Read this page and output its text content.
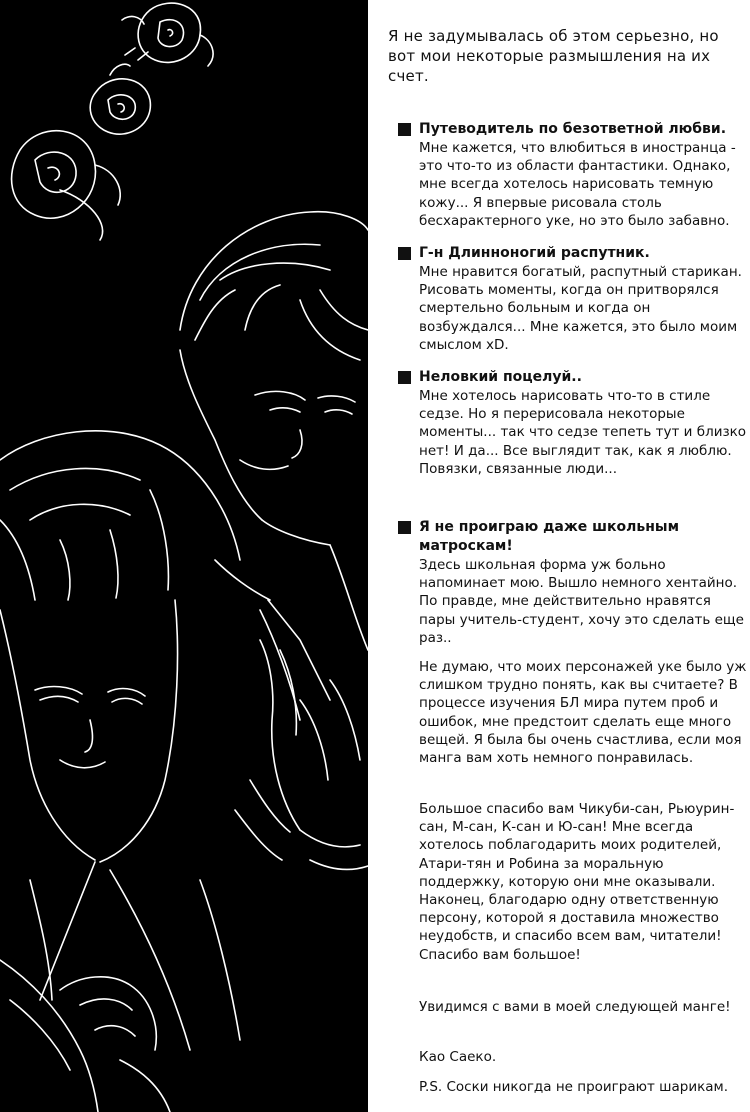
Я не задумывалась об этом серьезно, но вот мои некоторые размышления на их счет.

Путеводитель по безответной любви.

Мне кажется, что влюбиться в иностранца - это что-то из области фантастики. Однако, мне всегда хотелось нарисовать темную кожу... Я впервые рисовала столь бесхарактерного уке, но это было забавно.

Г-н Длинноногий распутник.

Мне нравится богатый, распутный старикан. Рисовать моменты, когда он притворялся смертельно больным и когда он возбуждался... Мне кажется, это было моим смыслом xD.

Неловкий поцелуй..

Мне хотелось нарисовать что-то в стиле седзе. Но я перерисовала некоторые моменты... так что седзе тепеть тут и близко нет! И да... Все выглядит так, как я люблю. Повязки, связанные люди...

Я не проиграю даже школьным матроскам!

Здесь школьная форма уж больно напоминает мою. Вышло немного хентайно. По правде, мне действительно нравятся пары учитель-студент, хочу это сделать еще раз..

Не думаю, что моих персонажей уке было уж слишком трудно понять, как вы считаете? В процессе изучения БЛ мира путем проб и ошибок, мне предстоит сделать еще много вещей. Я была бы очень счастлива, если моя манга вам хоть немного понравилась.

Большое спасибо вам Чикуби-сан, Рьюурин-сан, М-сан, К-сан и Ю-сан! Мне всегда хотелось поблагодарить моих родителей, Атари-тян и Робина за моральную поддержку, которую они мне оказывали. Наконец, благодарю одну ответственную персону, которой я доставила множество неудобств, и спасибо всем вам, читатели! Спасибо вам большое!

Увидимся с вами в моей следующей манге!

Као Саеко.

P.S. Соски никогда не проиграют шарикам.
